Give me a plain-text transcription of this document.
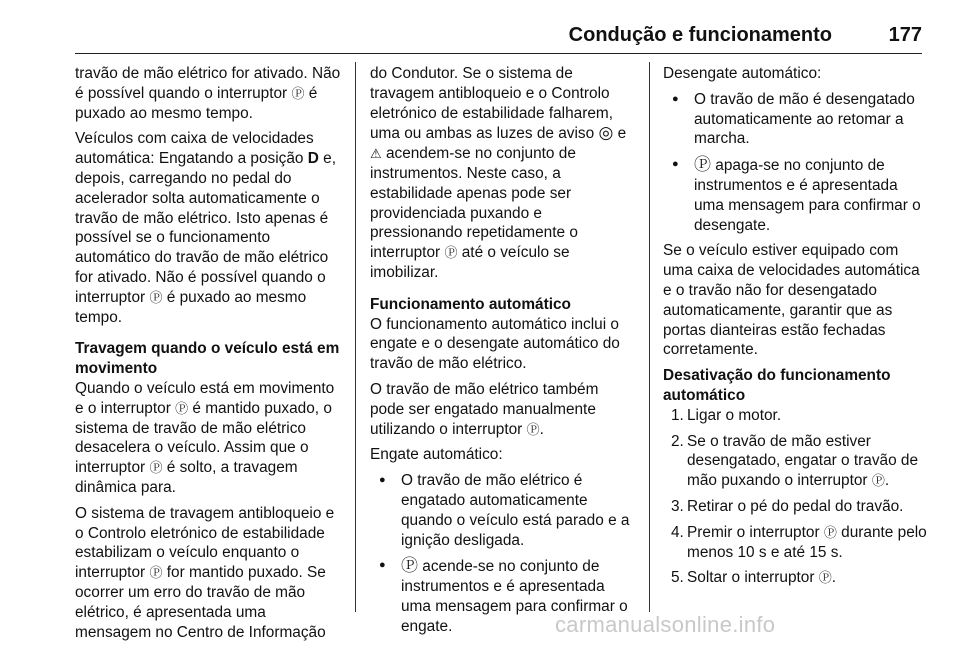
Condução e funcionamento	177

travão de mão elétrico for ativado. Não é possível quando o interruptor Ⓟ é puxado ao mesmo tempo.

Veículos com caixa de velocidades automática: Engatando a posição D e, depois, carregando no pedal do acelerador solta automaticamente o travão de mão elétrico. Isto apenas é possível se o funcionamento automático do travão de mão elétrico for ativado. Não é possível quando o interruptor Ⓟ é puxado ao mesmo tempo.

Travagem quando o veículo está em movimento

Quando o veículo está em movimento e o interruptor Ⓟ é mantido puxado, o sistema de travão de mão elétrico desacelera o veículo. Assim que o interruptor Ⓟ é solto, a travagem dinâmica para.

O sistema de travagem antibloqueio e o Controlo eletrónico de estabilidade estabilizam o veículo enquanto o interruptor Ⓟ for mantido puxado. Se ocorrer um erro do travão de mão elétrico, é apresentada uma mensagem no Centro de Informação

do Condutor. Se o sistema de travagem antibloqueio e o Controlo eletrónico de estabilidade falharem, uma ou ambas as luzes de aviso ◎ e ⚠ acendem-se no conjunto de instrumentos. Neste caso, a estabilidade apenas pode ser providenciada puxando e pressionando repetidamente o interruptor Ⓟ até o veículo se imobilizar.

Funcionamento automático

O funcionamento automático inclui o engate e o desengate automático do travão de mão elétrico.

O travão de mão elétrico também pode ser engatado manualmente utilizando o interruptor Ⓟ.

Engate automático:

● O travão de mão elétrico é engatado automaticamente quando o veículo está parado e a ignição desligada.
● Ⓟ acende-se no conjunto de instrumentos e é apresentada uma mensagem para confirmar o engate.

Desengate automático:

● O travão de mão é desengatado automaticamente ao retomar a marcha.
● Ⓟ apaga-se no conjunto de instrumentos e é apresentada uma mensagem para confirmar o desengate.

Se o veículo estiver equipado com uma caixa de velocidades automática e o travão não for desengatado automaticamente, garantir que as portas dianteiras estão fechadas corretamente.

Desativação do funcionamento automático

1. Ligar o motor.
2. Se o travão de mão estiver desengatado, engatar o travão de mão puxando o interruptor Ⓟ.
3. Retirar o pé do pedal do travão.
4. Premir o interruptor Ⓟ durante pelo menos 10 s e até 15 s.
5. Soltar o interruptor Ⓟ.
carmanualsonline.info
